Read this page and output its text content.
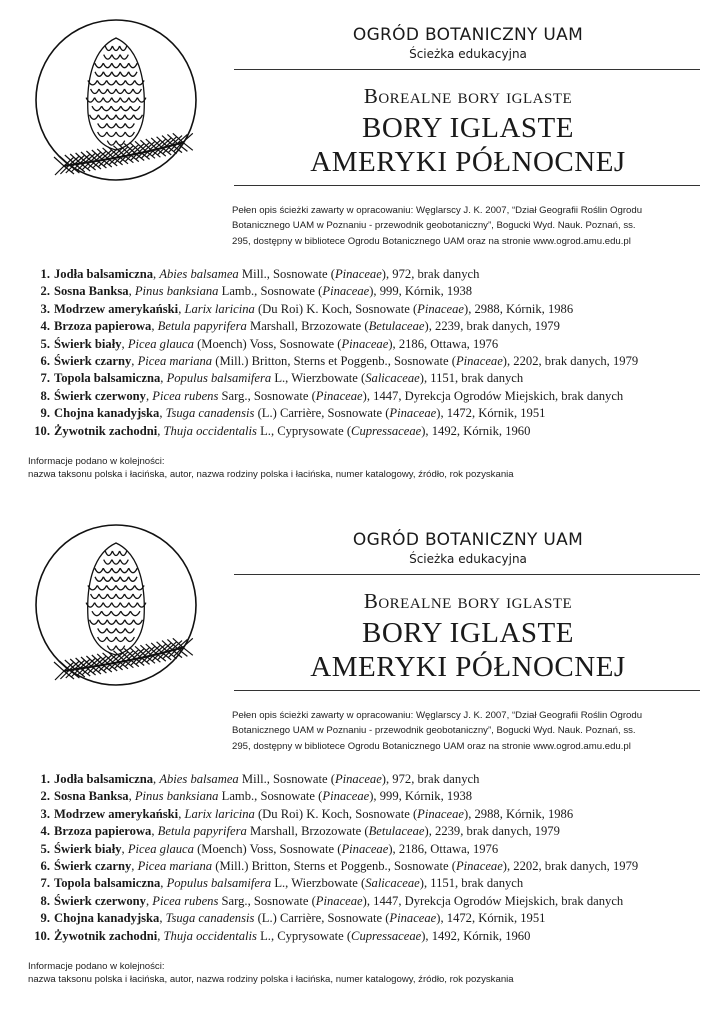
OGRÓD BOTANICZNY UAM
Ścieżka edukacyjna
Borealne bory iglaste
BORY IGLASTE
AMERYKI PÓŁNOCNEJ
Pełen opis ścieżki zawarty w opracowaniu: Węglarscy J. K. 2007, “Dział Geografii Roślin Ogrodu
Botanicznego UAM w Poznaniu - przewodnik geobotaniczny”, Bogucki Wyd. Nauk. Poznań, ss.
295, dostępny w bibliotece Ogrodu Botanicznego UAM oraz na stronie www.ogrod.amu.edu.pl
1. Jodła balsamiczna, Abies balsamea Mill., Sosnowate (Pinaceae), 972, brak danych
2. Sosna Banksa, Pinus banksiana Lamb., Sosnowate (Pinaceae), 999, Kórnik, 1938
3. Modrzew amerykański, Larix laricina (Du Roi) K. Koch, Sosnowate (Pinaceae), 2988, Kórnik, 1986
4. Brzoza papierowa, Betula papyrifera Marshall, Brzozowate (Betulaceae), 2239, brak danych, 1979
5. Świerk biały, Picea glauca (Moench) Voss, Sosnowate (Pinaceae), 2186, Ottawa, 1976
6. Świerk czarny, Picea mariana (Mill.) Britton, Sterns et Poggenb., Sosnowate (Pinaceae), 2202, brak danych, 1979
7. Topola balsamiczna, Populus balsamifera L., Wierzbowate (Salicaceae), 1151, brak danych
8. Świerk czerwony, Picea rubens Sarg., Sosnowate (Pinaceae), 1447, Dyrekcja Ogrodów Miejskich, brak danych
9. Chojna kanadyjska, Tsuga canadensis (L.) Carrière, Sosnowate (Pinaceae), 1472, Kórnik, 1951
10. Żywotnik zachodni, Thuja occidentalis L., Cyprysowate (Cupressaceae), 1492, Kórnik, 1960
Informacje podano w kolejności:
nazwa taksonu polska i łacińska, autor, nazwa rodziny polska i łacińska, numer katalogowy, źródło, rok pozyskania
OGRÓD BOTANICZNY UAM
Ścieżka edukacyjna
Borealne bory iglaste
BORY IGLASTE
AMERYKI PÓŁNOCNEJ
Pełen opis ścieżki zawarty w opracowaniu: Węglarscy J. K. 2007, “Dział Geografii Roślin Ogrodu
Botanicznego UAM w Poznaniu - przewodnik geobotaniczny”, Bogucki Wyd. Nauk. Poznań, ss.
295, dostępny w bibliotece Ogrodu Botanicznego UAM oraz na stronie www.ogrod.amu.edu.pl
1. Jodła balsamiczna, Abies balsamea Mill., Sosnowate (Pinaceae), 972, brak danych
2. Sosna Banksa, Pinus banksiana Lamb., Sosnowate (Pinaceae), 999, Kórnik, 1938
3. Modrzew amerykański, Larix laricina (Du Roi) K. Koch, Sosnowate (Pinaceae), 2988, Kórnik, 1986
4. Brzoza papierowa, Betula papyrifera Marshall, Brzozowate (Betulaceae), 2239, brak danych, 1979
5. Świerk biały, Picea glauca (Moench) Voss, Sosnowate (Pinaceae), 2186, Ottawa, 1976
6. Świerk czarny, Picea mariana (Mill.) Britton, Sterns et Poggenb., Sosnowate (Pinaceae), 2202, brak danych, 1979
7. Topola balsamiczna, Populus balsamifera L., Wierzbowate (Salicaceae), 1151, brak danych
8. Świerk czerwony, Picea rubens Sarg., Sosnowate (Pinaceae), 1447, Dyrekcja Ogrodów Miejskich, brak danych
9. Chojna kanadyjska, Tsuga canadensis (L.) Carrière, Sosnowate (Pinaceae), 1472, Kórnik, 1951
10. Żywotnik zachodni, Thuja occidentalis L., Cyprysowate (Cupressaceae), 1492, Kórnik, 1960
Informacje podano w kolejności:
nazwa taksonu polska i łacińska, autor, nazwa rodziny polska i łacińska, numer katalogowy, źródło, rok pozyskania
